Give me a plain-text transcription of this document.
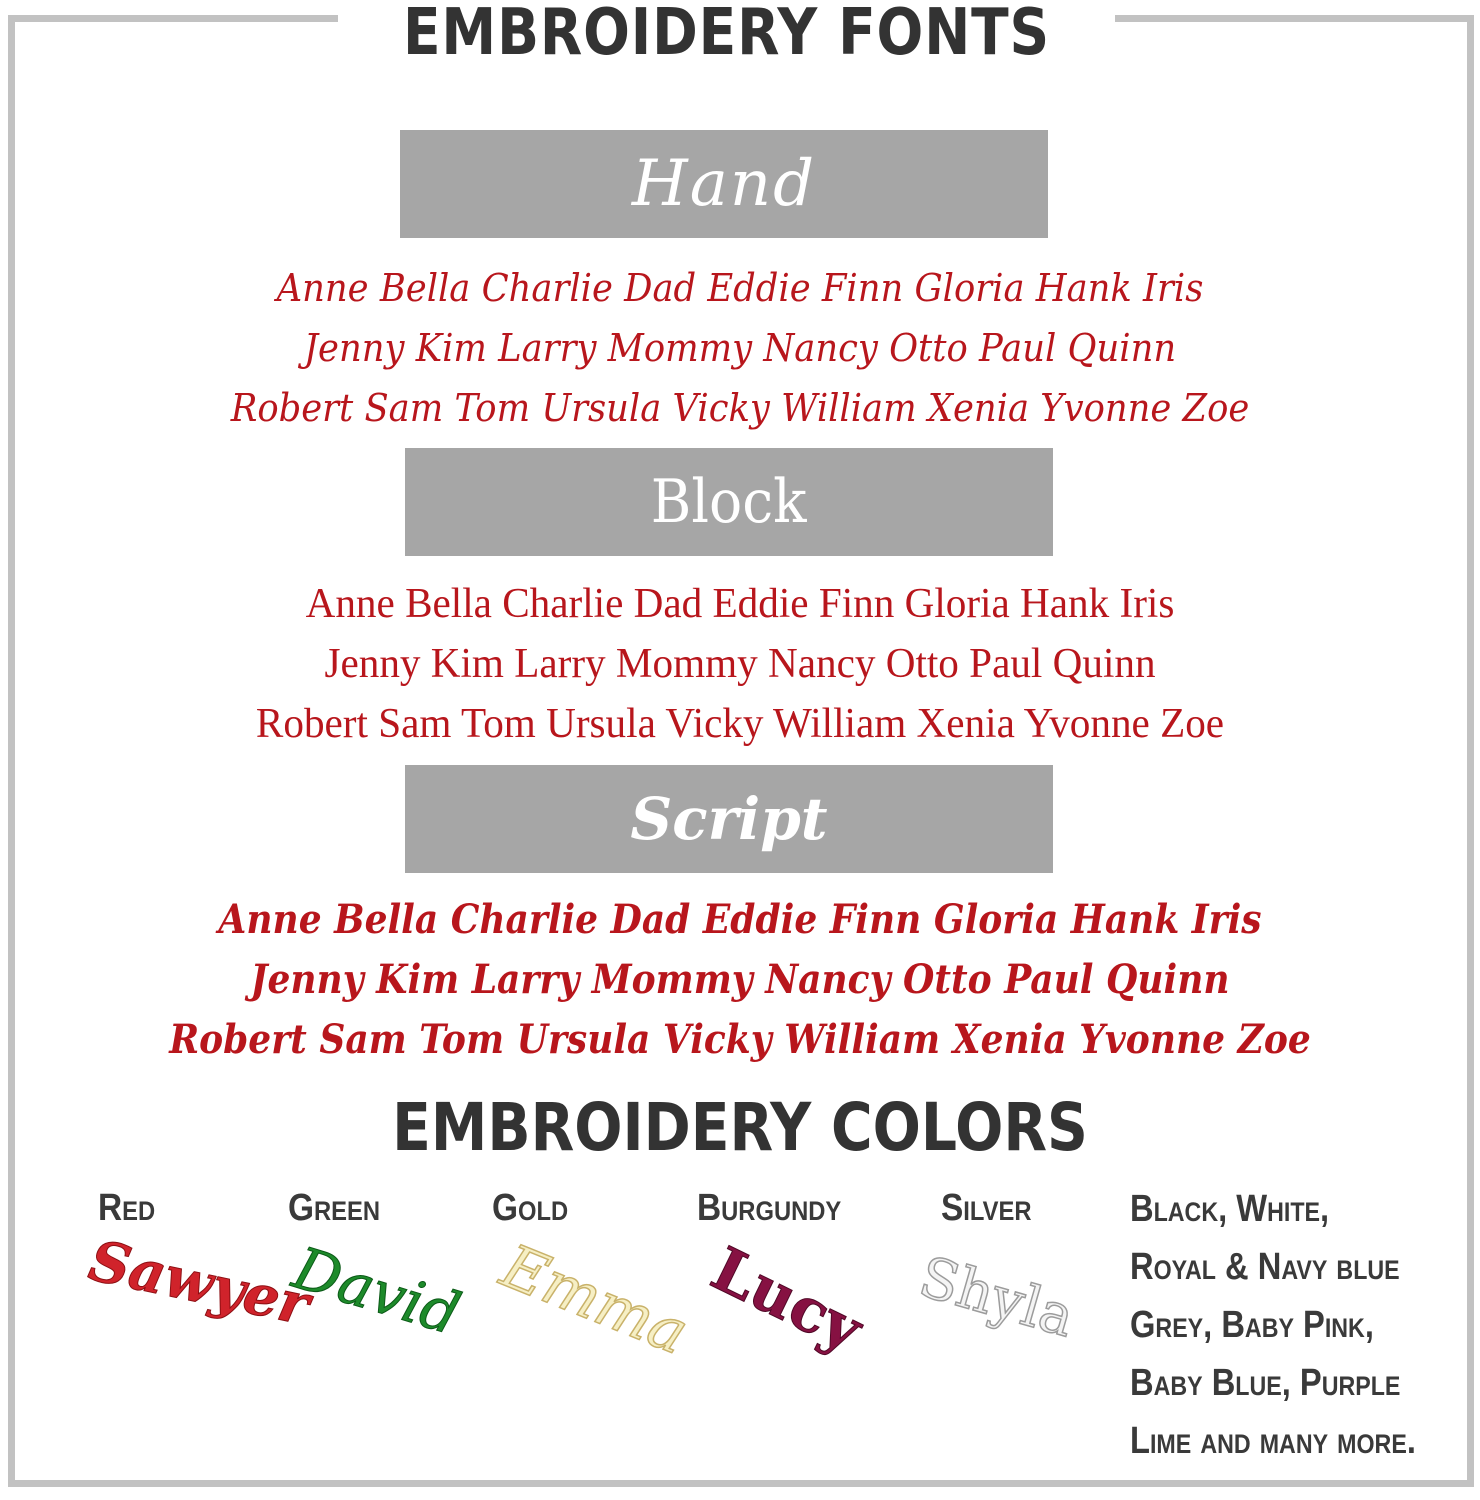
EMBROIDERY FONTS
Hand
Anne Bella Charlie Dad Eddie Finn Gloria Hank Iris
Jenny Kim Larry Mommy Nancy Otto Paul Quinn
Robert Sam Tom Ursula Vicky William Xenia Yvonne Zoe
Block
Anne Bella Charlie Dad Eddie Finn Gloria Hank Iris
Jenny Kim Larry Mommy Nancy Otto Paul Quinn
Robert Sam Tom Ursula Vicky William Xenia Yvonne Zoe
Script
Anne Bella Charlie Dad Eddie Finn Gloria Hank Iris
Jenny Kim Larry Mommy Nancy Otto Paul Quinn
Robert Sam Tom Ursula Vicky William Xenia Yvonne Zoe
EMBROIDERY COLORS
Red
Sawyer
Green
David
Gold
Emma
Burgundy
Lucy
Silver
Shyla
Black, White,
Royal & Navy blue
Grey, Baby Pink,
Baby Blue, Purple
Lime and many more.
